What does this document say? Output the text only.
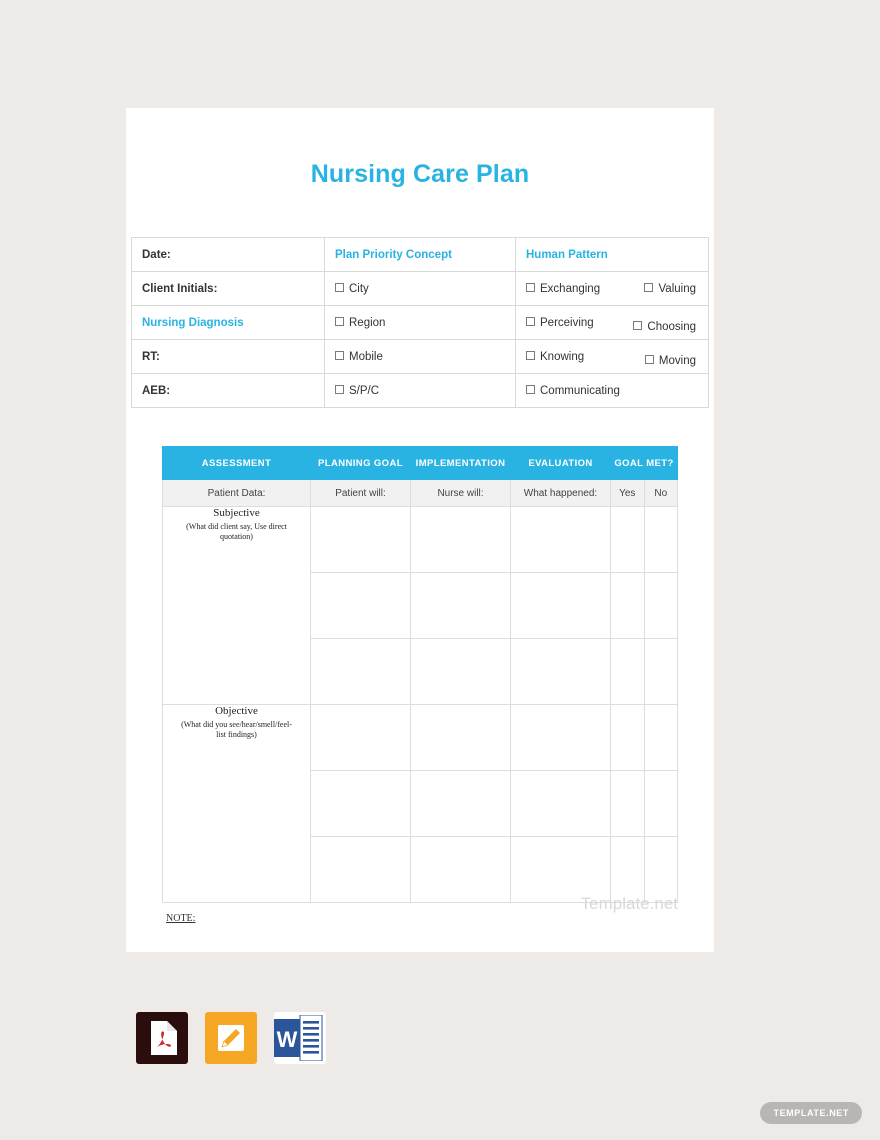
Nursing Care Plan
Date:	Plan Priority Concept	Human Pattern
Client Initials:	City	Exchanging Valuing

Nursing Diagnosis	Region	Perceiving Choosing

RT:	Mobile	Knowing Moving

AEB:	S/P/C	Communicating
ASSESSMENT	PLANNING GOAL	IMPLEMENTATION	EVALUATION	GOAL MET?	
Patient Data:	Patient will:	Nurse will:	What happened:	Yes	No

Subjective
(What did client say, Use direct quotation)					

Objective
(What did you see/hear/smell/feel- list findings)					

NOTE:
Template.net
W
TEMPLATE.NET
